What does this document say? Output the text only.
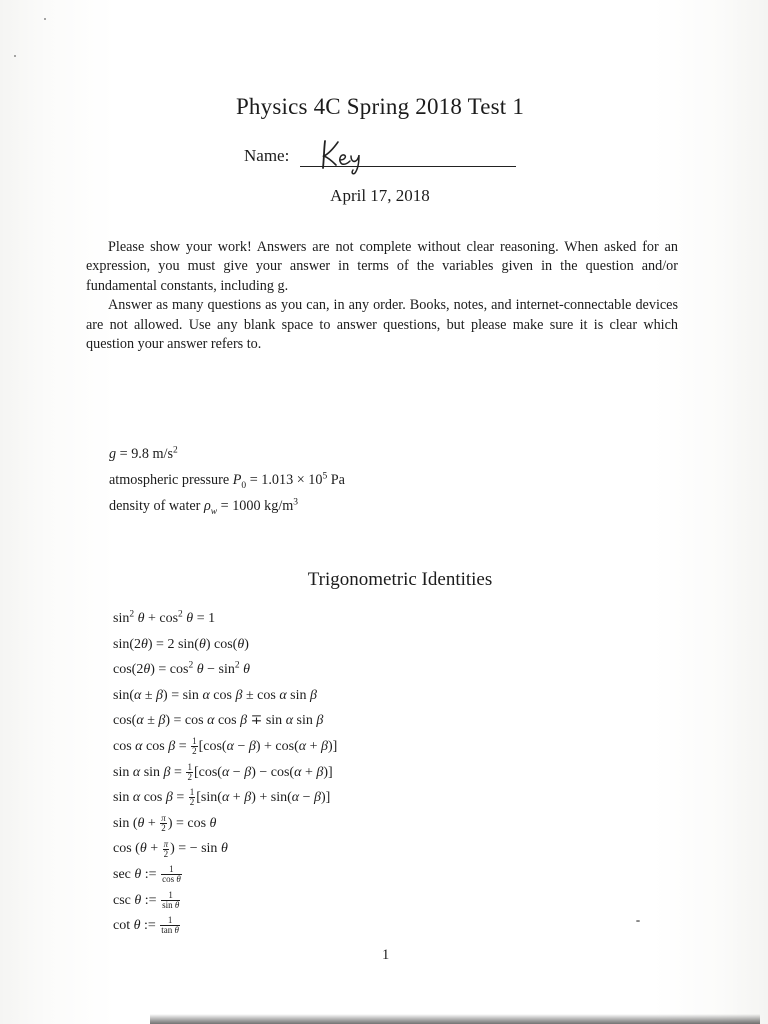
Physics 4C Spring 2018 Test 1
Name:
April 17, 2018

Please show your work! Answers are not complete without clear reasoning. When asked for an expression, you must give your answer in terms of the variables given in the question and/or fundamental constants, including g.

Answer as many questions as you can, in any order. Books, notes, and internet-connectable devices are not allowed. Use any blank space to answer questions, but please make sure it is clear which question your answer refers to.

g = 9.8 $m/s^2$
atmospheric pressure $P_0 = 1.013 \times 10^5$ Pa
density of water $\rho_w = 1000$ $kg/m^3$
Trigonometric Identities
$\sin^2 \theta + \cos^2 \theta = 1$
sin(2θ) = 2 sin(θ) cos(θ)
$\cos(2\theta) = \cos^2 \theta - \sin^2 \theta$
sin(α ± β) = sin α cos β ± cos α sin β
cos(α ± β) = cos α cos β ∓ sin α sin β
cos α $\cos \beta = \frac{1}{2} [\cos(\alpha - \beta) + \cos(\alpha + \beta)]$
sin α $\sin \beta = \frac{1}{2} [\cos(\alpha - \beta) - \cos(\alpha + \beta)]$
sin α $\cos \beta = \frac{1}{2} [\sin(\alpha + \beta) + \sin(\alpha - \beta)]$
$\sin (\theta + \frac{\pi}{2}$ ) = cos θ
$\cos (\theta + \frac{\pi}{2}$ ) = − sin θ
sec θ := $\frac{1}{\text{cos θ}}$
csc θ := $\frac{1}{\text{sin θ}}$
cot θ := $\frac{1}{\text{tan θ}}$
1
